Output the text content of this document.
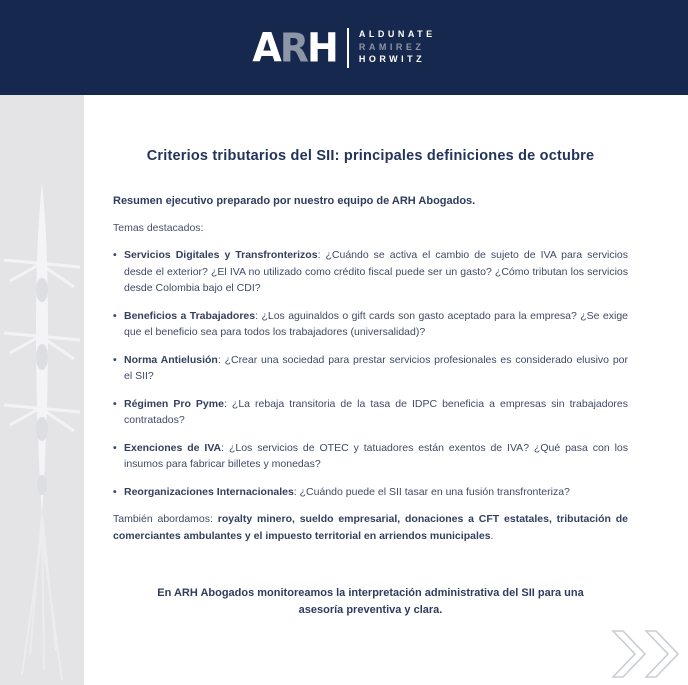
ARH ALDUNATE
RAMIREZ
HORWITZ
Criterios tributarios del SII: principales definiciones de octubre

Resumen ejecutivo preparado por nuestro equipo de ARH Abogados.

Temas destacados:

• Servicios Digitales y Transfronterizos: ¿Cuándo se activa el cambio de sujeto de IVA para servicios desde el exterior? ¿El IVA no utilizado como crédito fiscal puede ser un gasto? ¿Cómo tributan los servicios desde Colombia bajo el CDI?
• Beneficios a Trabajadores: ¿Los aguinaldos o gift cards son gasto aceptado para la empresa? ¿Se exige que el beneficio sea para todos los trabajadores (universalidad)?
• Norma Antielusión: ¿Crear una sociedad para prestar servicios profesionales es considerado elusivo por el SII?
• Régimen Pro Pyme: ¿La rebaja transitoria de la tasa de IDPC beneficia a empresas sin trabajadores contratados?
• Exenciones de IVA: ¿Los servicios de OTEC y tatuadores están exentos de IVA? ¿Qué pasa con los insumos para fabricar billetes y monedas?
• Reorganizaciones Internacionales: ¿Cuándo puede el SII tasar en una fusión transfronteriza?

También abordamos: royalty minero, sueldo empresarial, donaciones a CFT estatales, tributación de comerciantes ambulantes y el impuesto territorial en arriendos municipales.

En ARH Abogados monitoreamos la interpretación administrativa del SII para una asesoría preventiva y clara.
